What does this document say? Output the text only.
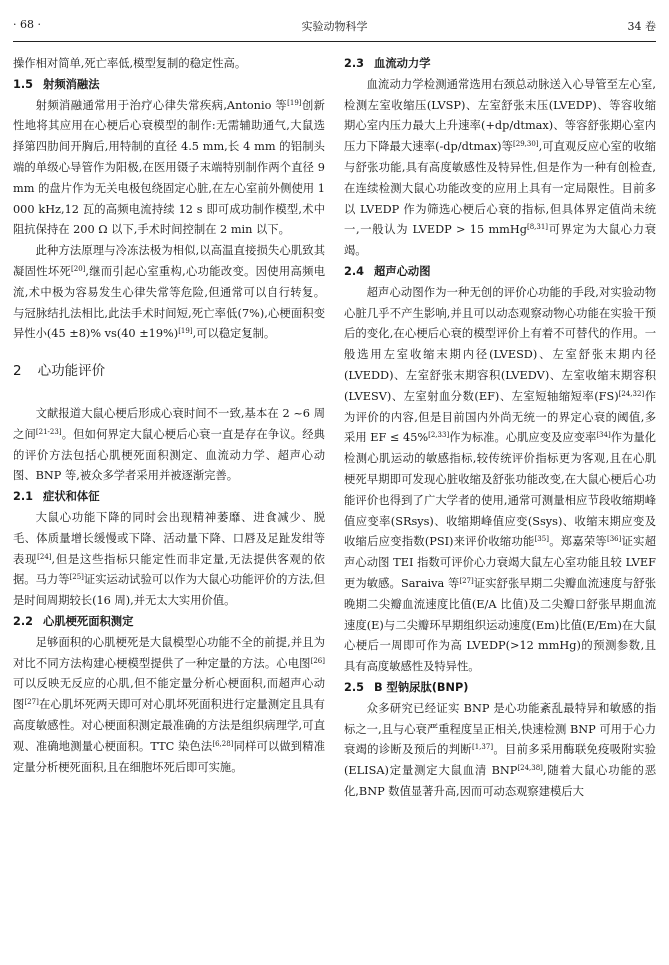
· 68 ·	实验动物科学	34 卷

操作相对简单,死亡率低,模型复制的稳定性高。

1.5 射频消融法

射频消融通常用于治疗心律失常疾病,Antonio 等[19]创新性地将其应用在心梗后心衰模型的制作:无需辅助通气,大鼠选择第四肋间开胸后,用特制的直径 4.5 mm,长 4 mm 的铝制头端的单级心导管作为阳极,在医用镊子末端特别制作两个直径 9 mm 的盘片作为无关电极包绕固定心脏,在左心室前外侧使用 1 000 kHz,12 瓦的高频电流持续 12 s 即可成功制作模型,术中阻抗保持在 200 Ω 以下,手术时间控制在 2 min 以下。

此种方法原理与冷冻法极为相似,以高温直接损失心肌致其凝固性坏死[20],继而引起心室重构,心功能改变。因使用高频电流,术中极为容易发生心律失常等危险,但通常可以自行转复。与冠脉结扎法相比,此法手术时间短,死亡率低(7%),心梗面积变异性小(45 ±8)% vs(40 ±19%)[19],可以稳定复制。

2 心功能评价

文献报道大鼠心梗后形成心衰时间不一致,基本在 2 ~6 周之间[21-23]。但如何界定大鼠心梗后心衰一直是存在争议。经典的评价方法包括心肌梗死面积测定、血流动力学、超声心动图、BNP 等,被众多学者采用并被逐渐完善。

2.1 症状和体征

大鼠心功能下降的同时会出现精神萎靡、进食减少、脱毛、体质量增长缓慢或下降、活动量下降、口唇及足趾发绀等表现[24],但是这些指标只能定性而非定量,无法提供客观的依据。马力等[25]证实运动试验可以作为大鼠心功能评价的方法,但是时间周期较长(16 周),并无太大实用价值。

2.2 心肌梗死面积测定

足够面积的心肌梗死是大鼠模型心功能不全的前提,并且为对比不同方法构建心梗模型提供了一种定量的方法。心电图[26]可以反映无反应的心肌,但不能定量分析心梗面积,而超声心动图[27]在心肌坏死两天即可对心肌坏死面积进行定量测定且具有高度敏感性。对心梗面积测定最准确的方法是组织病理学,可直观、准确地测量心梗面积。TTC 染色法[6,28]同样可以做到精准定量分析梗死面积,且在细胞坏死后即可实施。

2.3 血流动力学

血流动力学检测通常选用右颈总动脉送入心导管至左心室,检测左室收缩压(LVSP)、左室舒张末压(LVEDP)、等容收缩期心室内压力最大上升速率(+dp/dtmax)、等容舒张期心室内压力下降最大速率(-dp/dtmax)等[29,30],可直观反应心室的收缩与舒张功能,具有高度敏感性及特异性,但是作为一种有创检查,在连续检测大鼠心功能改变的应用上具有一定局限性。目前多以 LVEDP 作为筛选心梗后心衰的指标,但具体界定值尚未统一,一般认为 LVEDP > 15 mmHg[8,31]可界定为大鼠心力衰竭。

2.4 超声心动图

超声心动图作为一种无创的评价心功能的手段,对实验动物心脏几乎不产生影响,并且可以动态观察动物心功能在实验干预后的变化,在心梗后心衰的模型评价上有着不可替代的作用。一般选用左室收缩末期内径(LVESD)、左室舒张末期内径(LVEDD)、左室舒张末期容积(LVEDV)、左室收缩末期容积(LVESV)、左室射血分数(EF)、左室短轴缩短率(FS)[24,32]作为评价的内容,但是目前国内外尚无统一的界定心衰的阈值,多采用 EF ≤ 45%[2,33]作为标准。心肌应变及应变率[34]作为量化检测心肌运动的敏感指标,较传统评价指标更为客观,且在心肌梗死早期即可发现心脏收缩及舒张功能改变,在大鼠心梗后心功能评价也得到了广大学者的使用,通常可测量相应节段收缩期峰值应变率(SRsys)、收缩期峰值应变(Ssys)、收缩末期应变及收缩后应变指数(PSI)来评价收缩功能[35]。郑嘉荣等[36]证实超声心动图 TEI 指数可评价心力衰竭大鼠左心室功能且较 LVEF 更为敏感。Saraiva 等[27]证实舒张早期二尖瓣血流速度与舒张晚期二尖瓣血流速度比值(E/A 比值)及二尖瓣口舒张早期血流速度(E)与二尖瓣环早期组织运动速度(Em)比值(E/Em)在大鼠心梗后一周即可作为高 LVEDP(>12 mmHg)的预测参数,且具有高度敏感性及特异性。

2.5 B 型钠尿肽(BNP)

众多研究已经证实 BNP 是心功能紊乱最特异和敏感的指标之一,且与心衰严重程度呈正相关,快速检测 BNP 可用于心力衰竭的诊断及预后的判断[1,37]。目前多采用酶联免疫吸附实验(ELISA)定量测定大鼠血清 BNP[24,38],随着大鼠心功能的恶化,BNP 数值显著升高,因而可动态观察建模后大
